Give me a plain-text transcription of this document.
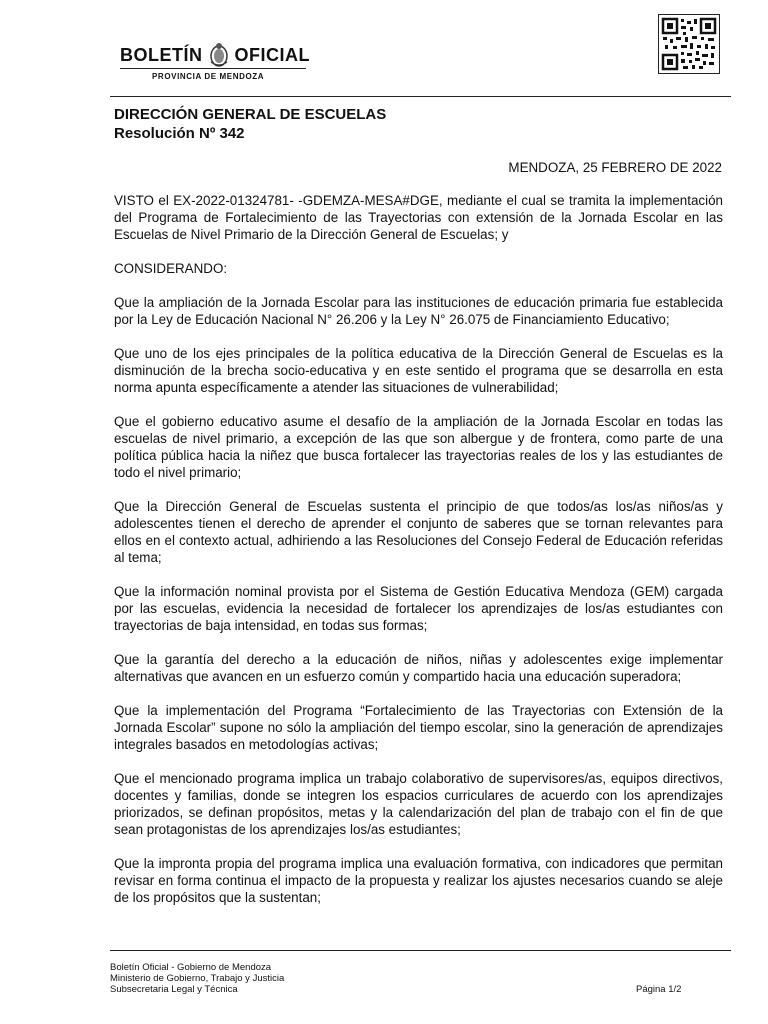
BOLETÍN OFICIAL
PROVINCIA DE MENDOZA
DIRECCIÓN GENERAL DE ESCUELAS
Resolución Nº 342
MENDOZA, 25 FEBRERO DE 2022

VISTO el EX-2022-01324781- -GDEMZA-MESA#DGE, mediante el cual se tramita la implementación del Programa de Fortalecimiento de las Trayectorias con extensión de la Jornada Escolar en las Escuelas de Nivel Primario de la Dirección General de Escuelas; y

CONSIDERANDO:

Que la ampliación de la Jornada Escolar para las instituciones de educación primaria fue establecida por la Ley de Educación Nacional N° 26.206 y la Ley N° 26.075 de Financiamiento Educativo;

Que uno de los ejes principales de la política educativa de la Dirección General de Escuelas es la disminución de la brecha socio-educativa y en este sentido el programa que se desarrolla en esta norma apunta específicamente a atender las situaciones de vulnerabilidad;

Que el gobierno educativo asume el desafío de la ampliación de la Jornada Escolar en todas las escuelas de nivel primario, a excepción de las que son albergue y de frontera, como parte de una política pública hacia la niñez que busca fortalecer las trayectorias reales de los y las estudiantes de todo el nivel primario;

Que la Dirección General de Escuelas sustenta el principio de que todos/as los/as niños/as y adolescentes tienen el derecho de aprender el conjunto de saberes que se tornan relevantes para ellos en el contexto actual, adhiriendo a las Resoluciones del Consejo Federal de Educación referidas al tema;

Que la información nominal provista por el Sistema de Gestión Educativa Mendoza (GEM) cargada por las escuelas, evidencia la necesidad de fortalecer los aprendizajes de los/as estudiantes con trayectorias de baja intensidad, en todas sus formas;

Que la garantía del derecho a la educación de niños, niñas y adolescentes exige implementar alternativas que avancen en un esfuerzo común y compartido hacia una educación superadora;

Que la implementación del Programa “Fortalecimiento de las Trayectorias con Extensión de la Jornada Escolar” supone no sólo la ampliación del tiempo escolar, sino la generación de aprendizajes integrales basados en metodologías activas;

Que el mencionado programa implica un trabajo colaborativo de supervisores/as, equipos directivos, docentes y familias, donde se integren los espacios curriculares de acuerdo con los aprendizajes priorizados, se definan propósitos, metas y la calendarización del plan de trabajo con el fin de que sean protagonistas de los aprendizajes los/as estudiantes;

Que la impronta propia del programa implica una evaluación formativa, con indicadores que permitan revisar en forma continua el impacto de la propuesta y realizar los ajustes necesarios cuando se aleje de los propósitos que la sustentan;

Boletín Oficial - Gobierno de Mendoza
Ministerio de Gobierno, Trabajo y Justicia
Subsecretaria Legal y Técnica	Página 1/2
